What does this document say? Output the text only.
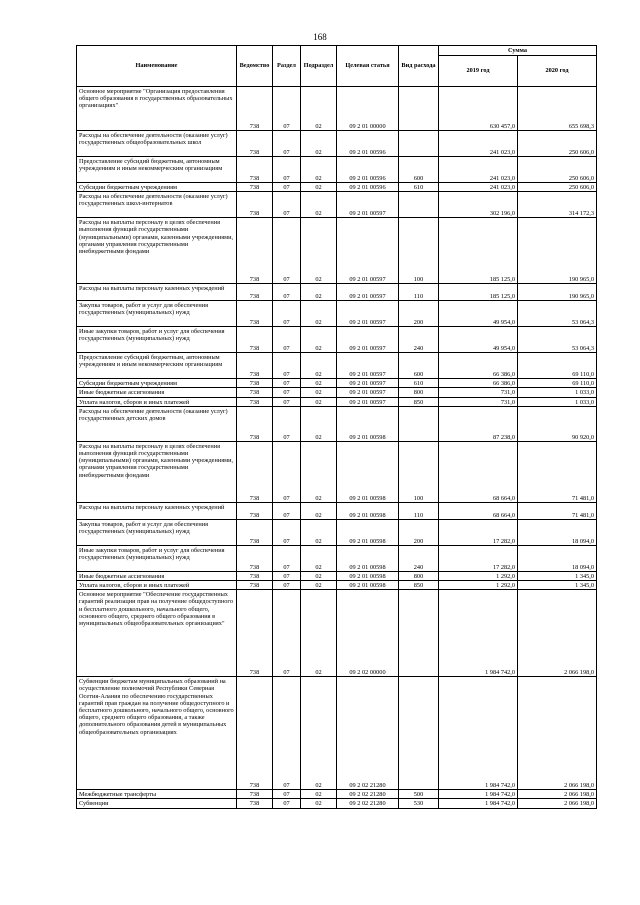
168
Наименование	Ведомство	Раздел	Подраздел	Целевая статья	Вид расхода	Сумма	
						2019 год	2020 год
Основное мероприятие "Организация предоставления общего образования в государственных образовательных организациях"	738	07	02	09 2 01 00000		630 457,0	655 698,3
Расходы на обеспечение деятельности (оказание услуг) государственных общеобразовательных школ	738	07	02	09 2 01 00596		241 023,0	250 606,0
Предоставление субсидий бюджетным, автономным учреждениям и иным некоммерческим организациям	738	07	02	09 2 01 00596	600	241 023,0	250 606,0
Субсидии бюджетным учреждениям	738	07	02	09 2 01 00596	610	241 023,0	250 606,0
Расходы на обеспечение деятельности (оказание услуг) государственных школ-интернатов	738	07	02	09 2 01 00597		302 196,0	314 172,3
Расходы на выплаты персоналу в целях обеспечения выполнения функций государственными (муниципальными) органами, казенными учреждениями, органами управления государственными внебюджетными фондами	738	07	02	09 2 01 00597	100	185 125,0	190 965,0
Расходы на выплаты персоналу казенных учреждений	738	07	02	09 2 01 00597	110	185 125,0	190 965,0
Закупка товаров, работ и услуг для обеспечения государственных (муниципальных) нужд	738	07	02	09 2 01 00597	200	49 954,0	53 064,3
Иные закупки товаров, работ и услуг для обеспечения государственных (муниципальных) нужд	738	07	02	09 2 01 00597	240	49 954,0	53 064,3
Предоставление субсидий бюджетным, автономным учреждениям и иным некоммерческим организациям	738	07	02	09 2 01 00597	600	66 386,0	69 110,0
Субсидии бюджетным учреждениям	738	07	02	09 2 01 00597	610	66 386,0	69 110,0
Иные бюджетные ассигнования	738	07	02	09 2 01 00597	800	731,0	1 033,0
Уплата налогов, сборов и иных платежей	738	07	02	09 2 01 00597	850	731,0	1 033,0
Расходы на обеспечение деятельности (оказание услуг) государственных детских домов	738	07	02	09 2 01 00598		87 238,0	90 920,0
Расходы на выплаты персоналу в целях обеспечения выполнения функций государственными (муниципальными) органами, казенными учреждениями, органами управления государственными внебюджетными фондами	738	07	02	09 2 01 00598	100	68 664,0	71 481,0
Расходы на выплаты персоналу казенных учреждений	738	07	02	09 2 01 00598	110	68 664,0	71 481,0
Закупка товаров, работ и услуг для обеспечения государственных (муниципальных) нужд	738	07	02	09 2 01 00598	200	17 282,0	18 094,0
Иные закупки товаров, работ и услуг для обеспечения государственных (муниципальных) нужд	738	07	02	09 2 01 00598	240	17 282,0	18 094,0
Иные бюджетные ассигнования	738	07	02	09 2 01 00598	800	1 292,0	1 345,0
Уплата налогов, сборов и иных платежей	738	07	02	09 2 01 00598	850	1 292,0	1 345,0
Основное мероприятие "Обеспечение государственных гарантий реализации прав на получение общедоступного и бесплатного дошкольного, начального общего, основного общего, среднего общего образования в муниципальных общеобразовательных организациях"	738	07	02	09 2 02 00000		1 984 742,0	2 066 198,0
Субвенции бюджетам муниципальных образований на осуществление полномочий Республики Северная Осетия-Алания по обеспечению государственных гарантий прав граждан на получение общедоступного и бесплатного дошкольного, начального общего, основного общего, среднего общего образования, а также дополнительного образования детей в муниципальных общеобразовательных организациях	738	07	02	09 2 02 21280		1 984 742,0	2 066 198,0
Межбюджетные трансферты	738	07	02	09 2 02 21280	500	1 984 742,0	2 066 198,0
Субвенции	738	07	02	09 2 02 21280	530	1 984 742,0	2 066 198,0
